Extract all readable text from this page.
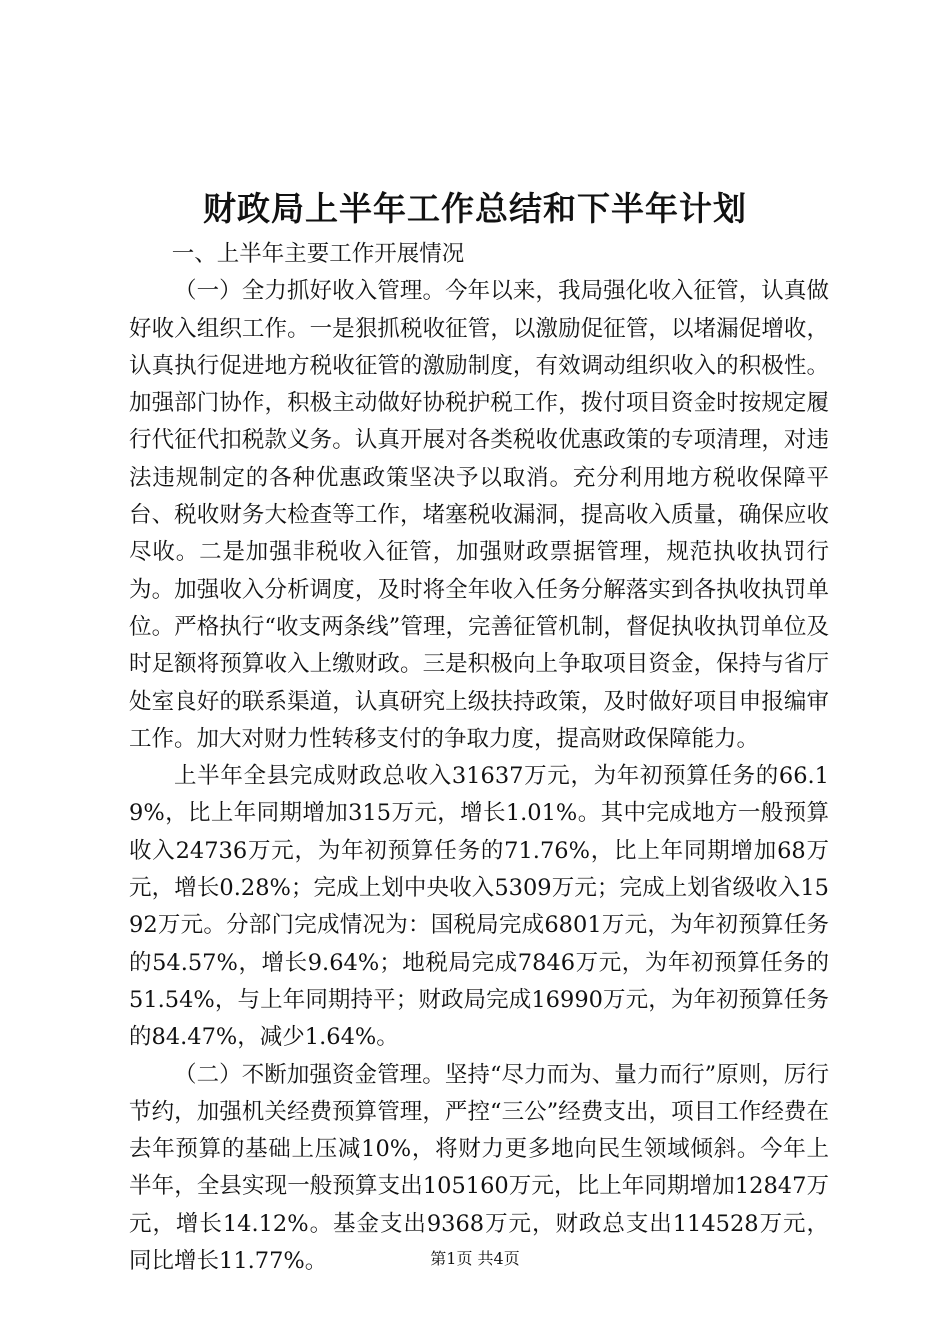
财政局上半年工作总结和下半年计划

一、上半年主要工作开展情况

（一）全力抓好收入管理。今年以来，我局强化收入征管，认真做好收入组织工作。一是狠抓税收征管，以激励促征管，以堵漏促增收，认真执行促进地方税收征管的激励制度，有效调动组织收入的积极性。加强部门协作，积极主动做好协税护税工作，拨付项目资金时按规定履行代征代扣税款义务。认真开展对各类税收优惠政策的专项清理，对违法违规制定的各种优惠政策坚决予以取消。充分利用地方税收保障平台、税收财务大检查等工作，堵塞税收漏洞，提高收入质量，确保应收尽收。二是加强非税收入征管，加强财政票据管理，规范执收执罚行为。加强收入分析调度，及时将全年收入任务分解落实到各执收执罚单位。严格执行“收支两条线”管理，完善征管机制，督促执收执罚单位及时足额将预算收入上缴财政。三是积极向上争取项目资金，保持与省厅处室良好的联系渠道，认真研究上级扶持政策，及时做好项目申报编审工作。加大对财力性转移支付的争取力度，提高财政保障能力。

上半年全县完成财政总收入31637万元，为年初预算任务的66.19%，比上年同期增加315万元，增长1.01%。其中完成地方一般预算收入24736万元，为年初预算任务的71.76%，比上年同期增加68万元，增长0.28%；完成上划中央收入5309万元；完成上划省级收入1592万元。分部门完成情况为：国税局完成6801万元，为年初预算任务的54.57%，增长9.64%；地税局完成7846万元，为年初预算任务的51.54%，与上年同期持平；财政局完成16990万元，为年初预算任务的84.47%，减少1.64%。

（二）不断加强资金管理。坚持“尽力而为、量力而行”原则，厉行节约，加强机关经费预算管理，严控“三公”经费支出，项目工作经费在去年预算的基础上压减10%，将财力更多地向民生领域倾斜。今年上半年，全县实现一般预算支出105160万元，比上年同期增加12847万元，增长14.12%。基金支出9368万元，财政总支出114528万元，同比增长11.77%。	第1页 共4页
